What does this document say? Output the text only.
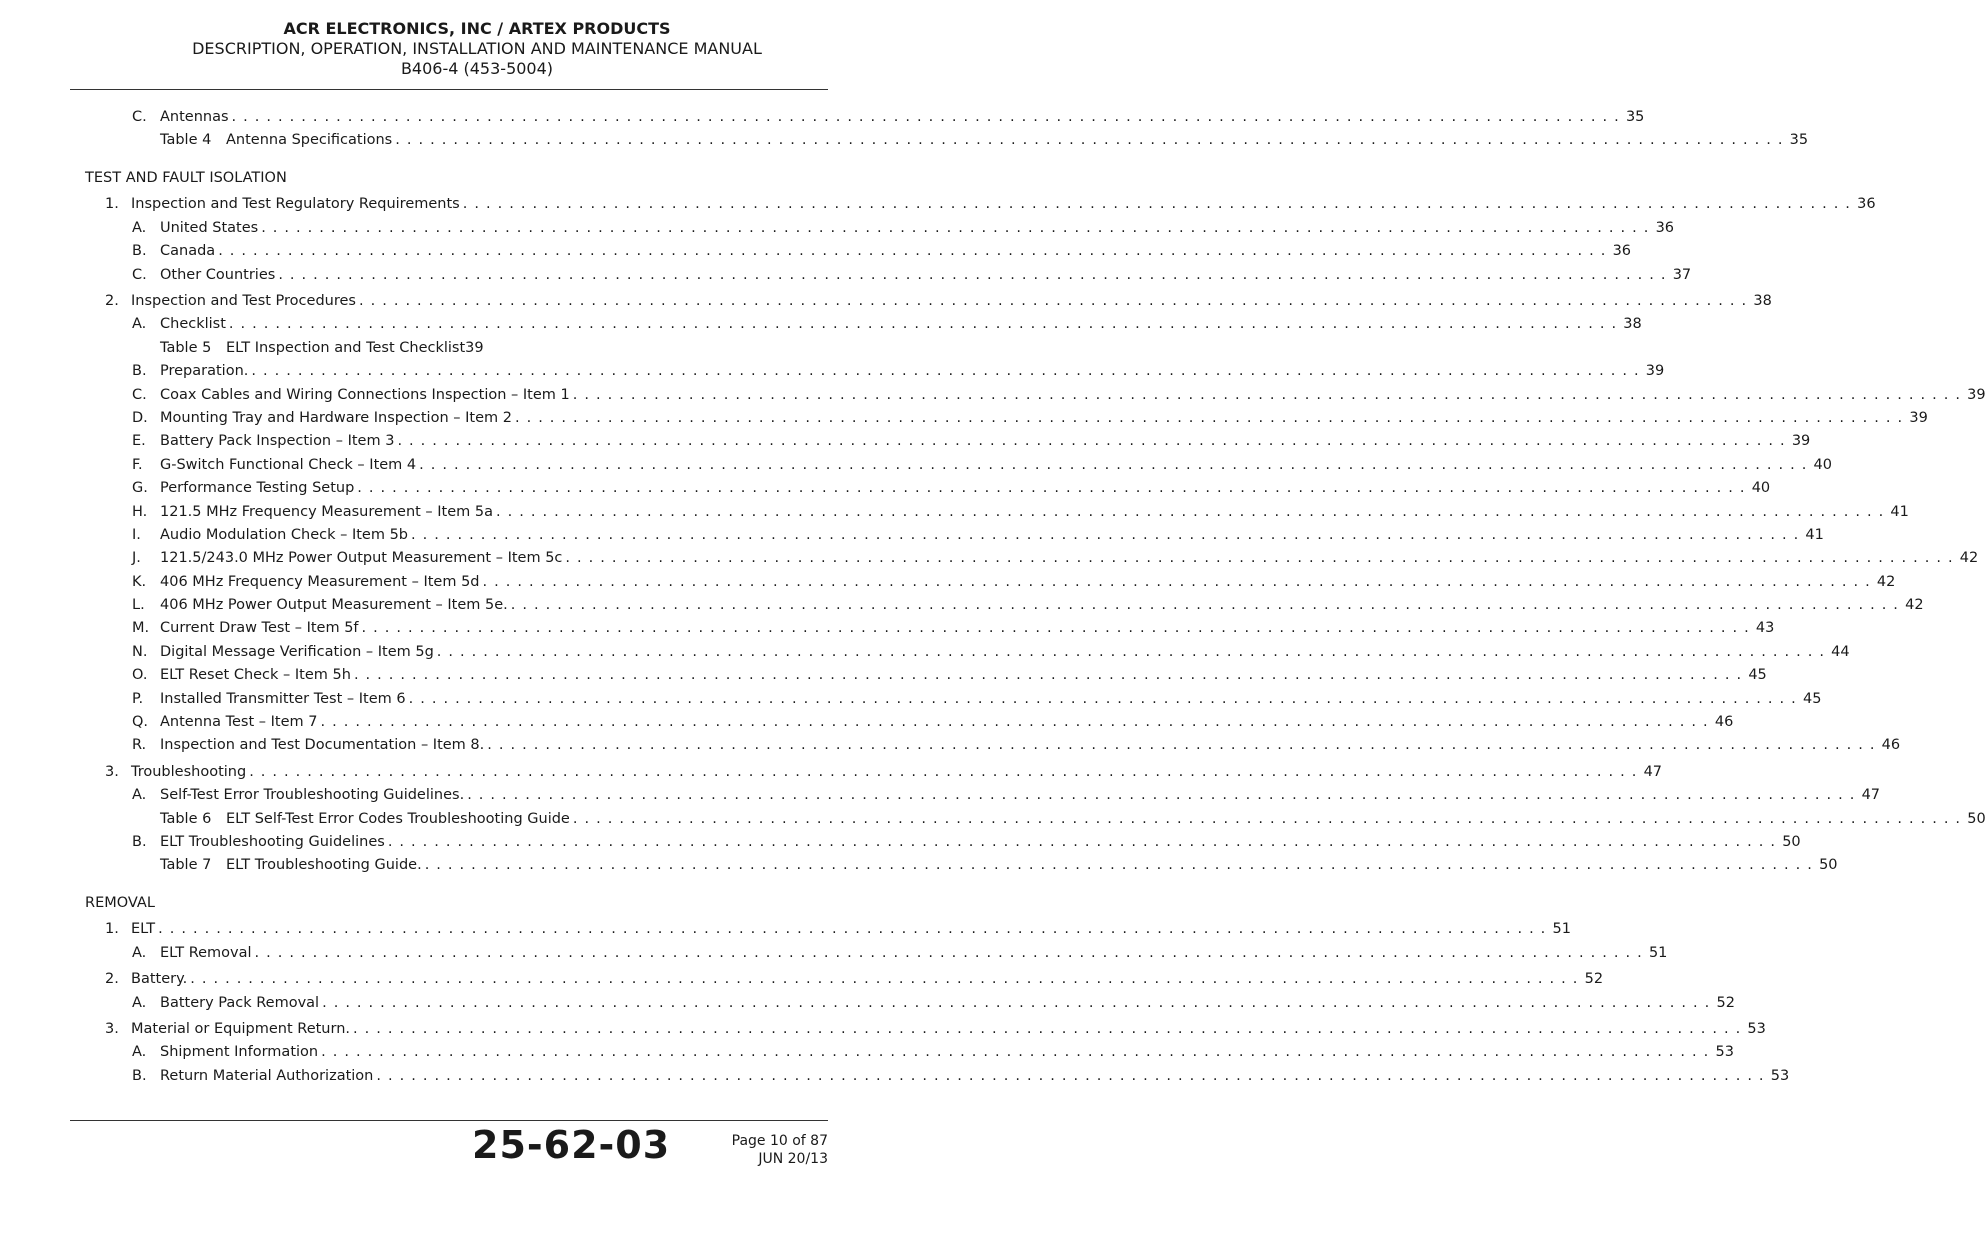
ACR ELECTRONICS, INC / ARTEX PRODUCTS
DESCRIPTION, OPERATION, INSTALLATION AND MAINTENANCE MANUAL
B406-4 (453-5004)
C. Antennas . . . . . . . . . . . . . . . . . . . . . . . . . . . . . . . . . . . . . . . . . . . . . . . . . . . . . . . . . . . . . . . . . . . . . . . . . . . . . . . . . . . . . . . . . . . . . . . . . . . . . . . . . . . . . . . . . . . . . . . . 35
Table 4	Antenna Specifications . . . . . . . . . . . . . . . . . . . . . . . . . . . . . . . . . . . . . . . . . . . . . . . . . . . . . . . . . . . . . . . . . . . . . . . . . . . . . . . . . . . . . . . . . . . . . . . . . . . . . . . . . . . . . . . . . . . . . . . . 35
TEST AND FAULT ISOLATION
1. Inspection and Test Regulatory Requirements . . . . . . . . . . . . . . . . . . . . . . . . . . . . . . . . . . . . . . . . . . . . . . . . . . . . . . . . . . . . . . . . . . . . . . . . . . . . . . . . . . . . . . . . . . . . . . . . . . . . . . . . . . . . . . . . . . . . . . . . 36
A. United States . . . . . . . . . . . . . . . . . . . . . . . . . . . . . . . . . . . . . . . . . . . . . . . . . . . . . . . . . . . . . . . . . . . . . . . . . . . . . . . . . . . . . . . . . . . . . . . . . . . . . . . . . . . . . . . . . . . . . . . . 36
B. Canada . . . . . . . . . . . . . . . . . . . . . . . . . . . . . . . . . . . . . . . . . . . . . . . . . . . . . . . . . . . . . . . . . . . . . . . . . . . . . . . . . . . . . . . . . . . . . . . . . . . . . . . . . . . . . . . . . . . . . . . . 36
C. Other Countries . . . . . . . . . . . . . . . . . . . . . . . . . . . . . . . . . . . . . . . . . . . . . . . . . . . . . . . . . . . . . . . . . . . . . . . . . . . . . . . . . . . . . . . . . . . . . . . . . . . . . . . . . . . . . . . . . . . . . . . . 37
2. Inspection and Test Procedures . . . . . . . . . . . . . . . . . . . . . . . . . . . . . . . . . . . . . . . . . . . . . . . . . . . . . . . . . . . . . . . . . . . . . . . . . . . . . . . . . . . . . . . . . . . . . . . . . . . . . . . . . . . . . . . . . . . . . . . . 38
A. Checklist . . . . . . . . . . . . . . . . . . . . . . . . . . . . . . . . . . . . . . . . . . . . . . . . . . . . . . . . . . . . . . . . . . . . . . . . . . . . . . . . . . . . . . . . . . . . . . . . . . . . . . . . . . . . . . . . . . . . . . . . 38
Table 5	ELT Inspection and Test Checklist39
B. Preparation. . . . . . . . . . . . . . . . . . . . . . . . . . . . . . . . . . . . . . . . . . . . . . . . . . . . . . . . . . . . . . . . . . . . . . . . . . . . . . . . . . . . . . . . . . . . . . . . . . . . . . . . . . . . . . . . . . . . . . . . . 39
C. Coax Cables and Wiring Connections Inspection – Item 1 . . . . . . . . . . . . . . . . . . . . . . . . . . . . . . . . . . . . . . . . . . . . . . . . . . . . . . . . . . . . . . . . . . . . . . . . . . . . . . . . . . . . . . . . . . . . . . . . . . . . . . . . . . . . . . . . . . . . . . . . 39
D. Mounting Tray and Hardware Inspection – Item 2 . . . . . . . . . . . . . . . . . . . . . . . . . . . . . . . . . . . . . . . . . . . . . . . . . . . . . . . . . . . . . . . . . . . . . . . . . . . . . . . . . . . . . . . . . . . . . . . . . . . . . . . . . . . . . . . . . . . . . . . . 39
E. Battery Pack Inspection – Item 3 . . . . . . . . . . . . . . . . . . . . . . . . . . . . . . . . . . . . . . . . . . . . . . . . . . . . . . . . . . . . . . . . . . . . . . . . . . . . . . . . . . . . . . . . . . . . . . . . . . . . . . . . . . . . . . . . . . . . . . . . 39
F.	G-Switch Functional Check – Item 4 . . . . . . . . . . . . . . . . . . . . . . . . . . . . . . . . . . . . . . . . . . . . . . . . . . . . . . . . . . . . . . . . . . . . . . . . . . . . . . . . . . . . . . . . . . . . . . . . . . . . . . . . . . . . . . . . . . . . . . . . 40
G. Performance Testing Setup . . . . . . . . . . . . . . . . . . . . . . . . . . . . . . . . . . . . . . . . . . . . . . . . . . . . . . . . . . . . . . . . . . . . . . . . . . . . . . . . . . . . . . . . . . . . . . . . . . . . . . . . . . . . . . . . . . . . . . . . 40
H. 121.5 MHz Frequency Measurement – Item 5a . . . . . . . . . . . . . . . . . . . . . . . . . . . . . . . . . . . . . . . . . . . . . . . . . . . . . . . . . . . . . . . . . . . . . . . . . . . . . . . . . . . . . . . . . . . . . . . . . . . . . . . . . . . . . . . . . . . . . . . . 41
I.	Audio Modulation Check – Item 5b . . . . . . . . . . . . . . . . . . . . . . . . . . . . . . . . . . . . . . . . . . . . . . . . . . . . . . . . . . . . . . . . . . . . . . . . . . . . . . . . . . . . . . . . . . . . . . . . . . . . . . . . . . . . . . . . . . . . . . . . 41
J.	121.5/243.0 MHz Power Output Measurement – Item 5c . . . . . . . . . . . . . . . . . . . . . . . . . . . . . . . . . . . . . . . . . . . . . . . . . . . . . . . . . . . . . . . . . . . . . . . . . . . . . . . . . . . . . . . . . . . . . . . . . . . . . . . . . . . . . . . . . . . . . . . . 42
K. 406 MHz Frequency Measurement – Item 5d . . . . . . . . . . . . . . . . . . . . . . . . . . . . . . . . . . . . . . . . . . . . . . . . . . . . . . . . . . . . . . . . . . . . . . . . . . . . . . . . . . . . . . . . . . . . . . . . . . . . . . . . . . . . . . . . . . . . . . . . 42
L.	406 MHz Power Output Measurement – Item 5e. . . . . . . . . . . . . . . . . . . . . . . . . . . . . . . . . . . . . . . . . . . . . . . . . . . . . . . . . . . . . . . . . . . . . . . . . . . . . . . . . . . . . . . . . . . . . . . . . . . . . . . . . . . . . . . . . . . . . . . . . 42
M. Current Draw Test – Item 5f . . . . . . . . . . . . . . . . . . . . . . . . . . . . . . . . . . . . . . . . . . . . . . . . . . . . . . . . . . . . . . . . . . . . . . . . . . . . . . . . . . . . . . . . . . . . . . . . . . . . . . . . . . . . . . . . . . . . . . . . 43
N. Digital Message Verification – Item 5g . . . . . . . . . . . . . . . . . . . . . . . . . . . . . . . . . . . . . . . . . . . . . . . . . . . . . . . . . . . . . . . . . . . . . . . . . . . . . . . . . . . . . . . . . . . . . . . . . . . . . . . . . . . . . . . . . . . . . . . . 44
O. ELT Reset Check – Item 5h . . . . . . . . . . . . . . . . . . . . . . . . . . . . . . . . . . . . . . . . . . . . . . . . . . . . . . . . . . . . . . . . . . . . . . . . . . . . . . . . . . . . . . . . . . . . . . . . . . . . . . . . . . . . . . . . . . . . . . . . 45
P.	Installed Transmitter Test – Item 6 . . . . . . . . . . . . . . . . . . . . . . . . . . . . . . . . . . . . . . . . . . . . . . . . . . . . . . . . . . . . . . . . . . . . . . . . . . . . . . . . . . . . . . . . . . . . . . . . . . . . . . . . . . . . . . . . . . . . . . . . 45
Q. Antenna Test – Item 7 . . . . . . . . . . . . . . . . . . . . . . . . . . . . . . . . . . . . . . . . . . . . . . . . . . . . . . . . . . . . . . . . . . . . . . . . . . . . . . . . . . . . . . . . . . . . . . . . . . . . . . . . . . . . . . . . . . . . . . . . 46
R. Inspection and Test Documentation – Item 8. . . . . . . . . . . . . . . . . . . . . . . . . . . . . . . . . . . . . . . . . . . . . . . . . . . . . . . . . . . . . . . . . . . . . . . . . . . . . . . . . . . . . . . . . . . . . . . . . . . . . . . . . . . . . . . . . . . . . . . . . 46
3. Troubleshooting . . . . . . . . . . . . . . . . . . . . . . . . . . . . . . . . . . . . . . . . . . . . . . . . . . . . . . . . . . . . . . . . . . . . . . . . . . . . . . . . . . . . . . . . . . . . . . . . . . . . . . . . . . . . . . . . . . . . . . . . 47
A. Self-Test Error Troubleshooting Guidelines. . . . . . . . . . . . . . . . . . . . . . . . . . . . . . . . . . . . . . . . . . . . . . . . . . . . . . . . . . . . . . . . . . . . . . . . . . . . . . . . . . . . . . . . . . . . . . . . . . . . . . . . . . . . . . . . . . . . . . . . . 47
Table 6	ELT Self-Test Error Codes Troubleshooting Guide . . . . . . . . . . . . . . . . . . . . . . . . . . . . . . . . . . . . . . . . . . . . . . . . . . . . . . . . . . . . . . . . . . . . . . . . . . . . . . . . . . . . . . . . . . . . . . . . . . . . . . . . . . . . . . . . . . . . . . . . 50
B. ELT Troubleshooting Guidelines . . . . . . . . . . . . . . . . . . . . . . . . . . . . . . . . . . . . . . . . . . . . . . . . . . . . . . . . . . . . . . . . . . . . . . . . . . . . . . . . . . . . . . . . . . . . . . . . . . . . . . . . . . . . . . . . . . . . . . . . 50
Table 7	ELT Troubleshooting Guide. . . . . . . . . . . . . . . . . . . . . . . . . . . . . . . . . . . . . . . . . . . . . . . . . . . . . . . . . . . . . . . . . . . . . . . . . . . . . . . . . . . . . . . . . . . . . . . . . . . . . . . . . . . . . . . . . . . . . . . . . 50
REMOVAL
1. ELT . . . . . . . . . . . . . . . . . . . . . . . . . . . . . . . . . . . . . . . . . . . . . . . . . . . . . . . . . . . . . . . . . . . . . . . . . . . . . . . . . . . . . . . . . . . . . . . . . . . . . . . . . . . . . . . . . . . . . . . . 51
A. ELT Removal . . . . . . . . . . . . . . . . . . . . . . . . . . . . . . . . . . . . . . . . . . . . . . . . . . . . . . . . . . . . . . . . . . . . . . . . . . . . . . . . . . . . . . . . . . . . . . . . . . . . . . . . . . . . . . . . . . . . . . . . 51
2. Battery. . . . . . . . . . . . . . . . . . . . . . . . . . . . . . . . . . . . . . . . . . . . . . . . . . . . . . . . . . . . . . . . . . . . . . . . . . . . . . . . . . . . . . . . . . . . . . . . . . . . . . . . . . . . . . . . . . . . . . . . . 52
A. Battery Pack Removal . . . . . . . . . . . . . . . . . . . . . . . . . . . . . . . . . . . . . . . . . . . . . . . . . . . . . . . . . . . . . . . . . . . . . . . . . . . . . . . . . . . . . . . . . . . . . . . . . . . . . . . . . . . . . . . . . . . . . . . . 52
3. Material or Equipment Return. . . . . . . . . . . . . . . . . . . . . . . . . . . . . . . . . . . . . . . . . . . . . . . . . . . . . . . . . . . . . . . . . . . . . . . . . . . . . . . . . . . . . . . . . . . . . . . . . . . . . . . . . . . . . . . . . . . . . . . . . 53
A. Shipment Information . . . . . . . . . . . . . . . . . . . . . . . . . . . . . . . . . . . . . . . . . . . . . . . . . . . . . . . . . . . . . . . . . . . . . . . . . . . . . . . . . . . . . . . . . . . . . . . . . . . . . . . . . . . . . . . . . . . . . . . . 53
B. Return Material Authorization . . . . . . . . . . . . . . . . . . . . . . . . . . . . . . . . . . . . . . . . . . . . . . . . . . . . . . . . . . . . . . . . . . . . . . . . . . . . . . . . . . . . . . . . . . . . . . . . . . . . . . . . . . . . . . . . . . . . . . . . 53
25-62-03	Page 10 of 87
JUN 20/13
